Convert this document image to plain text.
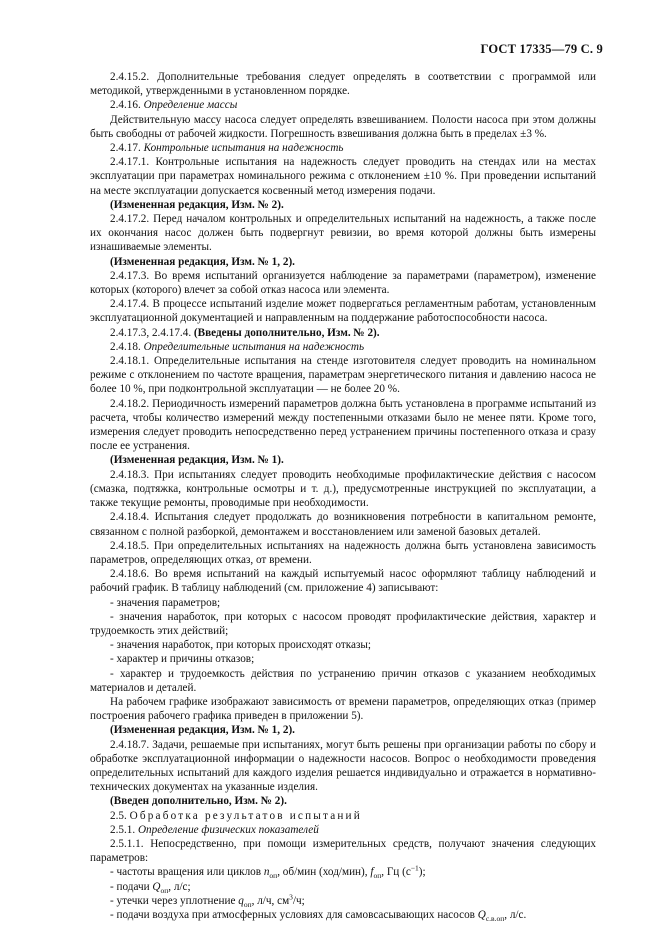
ГОСТ 17335—79 С. 9

2.4.15.2. Дополнительные требования следует определять в соответствии с программой или методикой, утвержденными в установленном порядке.

2.4.16. Определение массы

Действительную массу насоса следует определять взвешиванием. Полости насоса при этом должны быть свободны от рабочей жидкости. Погрешность взвешивания должна быть в пределах ±3 %.

2.4.17. Контрольные испытания на надежность

2.4.17.1. Контрольные испытания на надежность следует проводить на стендах или на местах эксплуатации при параметрах номинального режима с отклонением ±10 %. При проведении испытаний на месте эксплуатации допускается косвенный метод измерения подачи.

(Измененная редакция, Изм. № 2).

2.4.17.2. Перед началом контрольных и определительных испытаний на надежность, а также после их окончания насос должен быть подвергнут ревизии, во время которой должны быть измерены изнашиваемые элементы.

(Измененная редакция, Изм. № 1, 2).

2.4.17.3. Во время испытаний организуется наблюдение за параметрами (параметром), изменение которых (которого) влечет за собой отказ насоса или элемента.

2.4.17.4. В процессе испытаний изделие может подвергаться регламентным работам, установленным эксплуатационной документацией и направленным на поддержание работоспособности насоса.

2.4.17.3, 2.4.17.4. (Введены дополнительно, Изм. № 2).

2.4.18. Определительные испытания на надежность

2.4.18.1. Определительные испытания на стенде изготовителя следует проводить на номинальном режиме с отклонением по частоте вращения, параметрам энергетического питания и давлению насоса не более 10 %, при подконтрольной эксплуатации — не более 20 %.

2.4.18.2. Периодичность измерений параметров должна быть установлена в программе испытаний из расчета, чтобы количество измерений между постепенными отказами было не менее пяти. Кроме того, измерения следует проводить непосредственно перед устранением причины постепенного отказа и сразу после ее устранения.

(Измененная редакция, Изм. № 1).

2.4.18.3. При испытаниях следует проводить необходимые профилактические действия с насосом (смазка, подтяжка, контрольные осмотры и т. д.), предусмотренные инструкцией по эксплуатации, а также текущие ремонты, проводимые при необходимости.

2.4.18.4. Испытания следует продолжать до возникновения потребности в капитальном ремонте, связанном с полной разборкой, демонтажем и восстановлением или заменой базовых деталей.

2.4.18.5. При определительных испытаниях на надежность должна быть установлена зависимость параметров, определяющих отказ, от времени.

2.4.18.6. Во время испытаний на каждый испытуемый насос оформляют таблицу наблюдений и рабочий график. В таблицу наблюдений (см. приложение 4) записывают:

- значения параметров;

- значения наработок, при которых с насосом проводят профилактические действия, характер и трудоемкость этих действий;

- значения наработок, при которых происходят отказы;

- характер и причины отказов;

- характер и трудоемкость действия по устранению причин отказов с указанием необходимых материалов и деталей.

На рабочем графике изображают зависимость от времени параметров, определяющих отказ (пример построения рабочего графика приведен в приложении 5).

(Измененная редакция, Изм. № 1, 2).

2.4.18.7. Задачи, решаемые при испытаниях, могут быть решены при организации работы по сбору и обработке эксплуатационной информации о надежности насосов. Вопрос о необходимости проведения определительных испытаний для каждого изделия решается индивидуально и отражается в нормативно-технических документах на указанные изделия.

(Введен дополнительно, Изм. № 2).

2.5. Обработка результатов испытаний

2.5.1. Определение физических показателей

2.5.1.1. Непосредственно, при помощи измерительных средств, получают значения следующих параметров:

- частоты вращения или циклов $n_{оп}$, об/мин (ход/мин), $f_{оп}$, Гц $(с^{-1})$;

- подачи $Q_{оп}$, л/с;

- утечки через уплотнение $q_{оп}$, л/ч, $см^3/ч$;

- подачи воздуха при атмосферных условиях для самовсасывающих насосов $Q_{с.в.оп}$, л/с.
